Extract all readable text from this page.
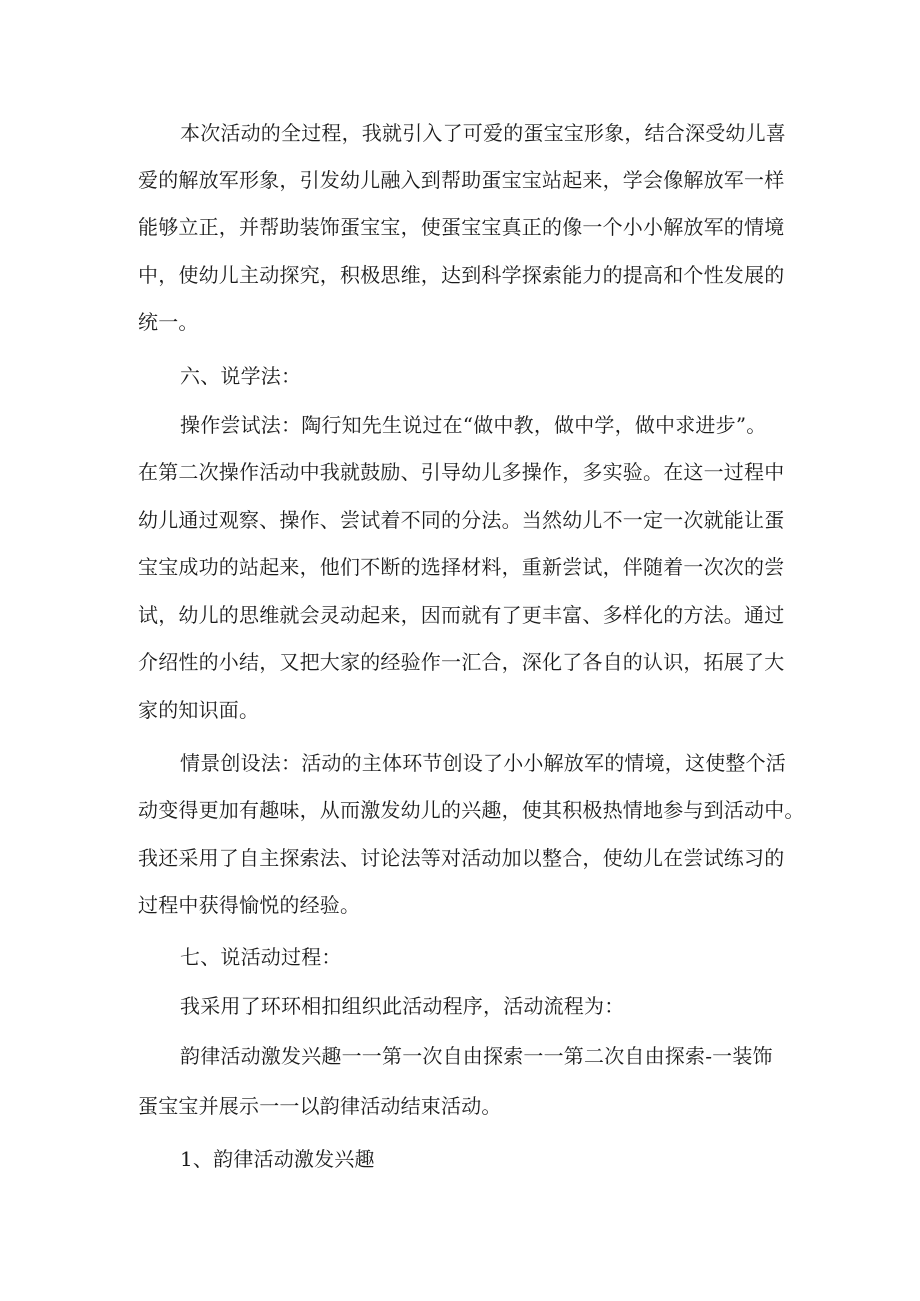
本次活动的全过程，我就引入了可爱的蛋宝宝形象，结合深受幼儿喜
爱的解放军形象，引发幼儿融入到帮助蛋宝宝站起来，学会像解放军一样
能够立正，并帮助装饰蛋宝宝，使蛋宝宝真正的像一个小小解放军的情境
中，使幼儿主动探究，积极思维，达到科学探索能力的提高和个性发展的
统一。
六、说学法：
操作尝试法：陶行知先生说过在“做中教，做中学，做中求进步”。
在第二次操作活动中我就鼓励、引导幼儿多操作，多实验。在这一过程中
幼儿通过观察、操作、尝试着不同的分法。当然幼儿不一定一次就能让蛋
宝宝成功的站起来，他们不断的选择材料，重新尝试，伴随着一次次的尝
试，幼儿的思维就会灵动起来，因而就有了更丰富、多样化的方法。通过
介绍性的小结，又把大家的经验作一汇合，深化了各自的认识，拓展了大
家的知识面。
情景创设法：活动的主体环节创设了小小解放军的情境，这使整个活
动变得更加有趣味，从而激发幼儿的兴趣，使其积极热情地参与到活动中。
我还采用了自主探索法、讨论法等对活动加以整合，使幼儿在尝试练习的
过程中获得愉悦的经验。
七、说活动过程：
我采用了环环相扣组织此活动程序，活动流程为：
韵律活动激发兴趣一一第一次自由探索一一第二次自由探索-一装饰
蛋宝宝并展示一一以韵律活动结束活动。
1、韵律活动激发兴趣
